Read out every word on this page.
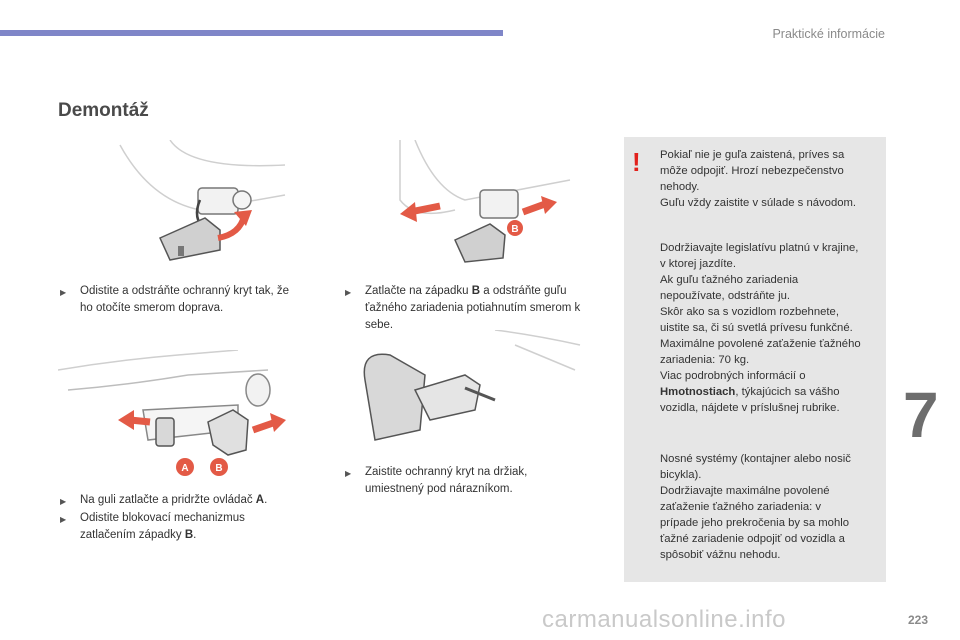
Praktické informácie
Demontáž
B
A	B
▶	Odistite a odstráňte ochranný kryt tak, že
ho otočíte smerom doprava.
▶	Zatlačte na západku B a odstráňte guľu
ťažného zariadenia potiahnutím smerom k
sebe.
▶	Na guli zatlačte a pridržte ovládač A.
▶	Odistite blokovací mechanizmus
zatlačením západky B.
▶	Zaistite ochranný kryt na držiak,
umiestnený pod nárazníkom.
! Pokiaľ nie je guľa zaistená, príves sa
môže odpojiť. Hrozí nebezpečenstvo
nehody.
Guľu vždy zaistite v súlade s návodom.
Dodržiavajte legislatívu platnú v krajine,
v ktorej jazdíte.
Ak guľu ťažného zariadenia
nepoužívate, odstráňte ju.
Skôr ako sa s vozidlom rozbehnete,
uistite sa, či sú svetlá prívesu funkčné.
Maximálne povolené zaťaženie ťažného
zariadenia: 70 kg.
Viac podrobných informácií o
Hmotnostiach, týkajúcich sa vášho
vozidla, nájdete v príslušnej rubrike.
Nosné systémy (kontajner alebo nosič
bicykla).
Dodržiavajte maximálne povolené
zaťaženie ťažného zariadenia: v
prípade jeho prekročenia by sa mohlo
ťažné zariadenie odpojiť od vozidla a
spôsobiť vážnu nehodu.
7
223
carmanualsonline.info
